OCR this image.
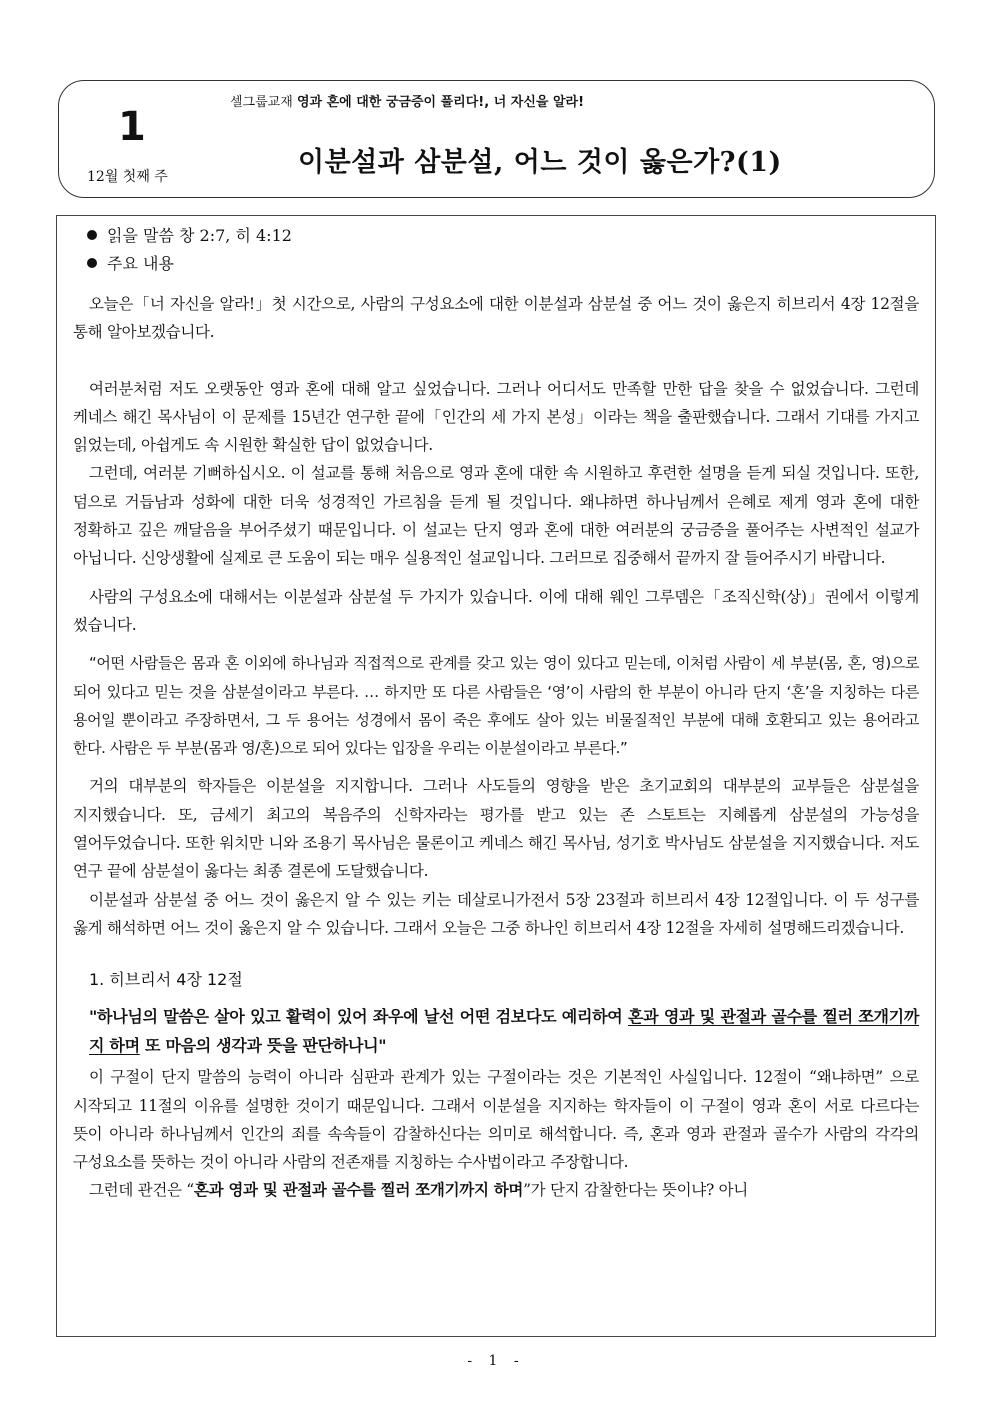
1
12월 첫째 주
셀그룹교재 영과 혼에 대한 궁금증이 풀리다!, 너 자신을 알라!
이분설과 삼분설, 어느 것이 옳은가?(1)
읽을 말씀 창 2:7, 히 4:12
주요 내용

오늘은「너 자신을 알라!」첫 시간으로, 사람의 구성요소에 대한 이분설과 삼분설 중 어느 것이 옳은지 히브리서 4장 12절을 통해 알아보겠습니다.

여러분처럼 저도 오랫동안 영과 혼에 대해 알고 싶었습니다. 그러나 어디서도 만족할 만한 답을 찾을 수 없었습니다. 그런데 케네스 해긴 목사님이 이 문제를 15년간 연구한 끝에「인간의 세 가지 본성」이라는 책을 출판했습니다. 그래서 기대를 가지고 읽었는데, 아쉽게도 속 시원한 확실한 답이 없었습니다.

그런데, 여러분 기뻐하십시오. 이 설교를 통해 처음으로 영과 혼에 대한 속 시원하고 후련한 설명을 듣게 되실 것입니다. 또한, 덤으로 거듭남과 성화에 대한 더욱 성경적인 가르침을 듣게 될 것입니다. 왜냐하면 하나님께서 은혜로 제게 영과 혼에 대한 정확하고 깊은 깨달음을 부어주셨기 때문입니다. 이 설교는 단지 영과 혼에 대한 여러분의 궁금증을 풀어주는 사변적인 설교가 아닙니다. 신앙생활에 실제로 큰 도움이 되는 매우 실용적인 설교입니다. 그러므로 집중해서 끝까지 잘 들어주시기 바랍니다.

사람의 구성요소에 대해서는 이분설과 삼분설 두 가지가 있습니다. 이에 대해 웨인 그루뎀은「조직신학(상)」권에서 이렇게 썼습니다.

“어떤 사람들은 몸과 혼 이외에 하나님과 직접적으로 관계를 갖고 있는 영이 있다고 믿는데, 이처럼 사람이 세 부분(몸, 혼, 영)으로 되어 있다고 믿는 것을 삼분설이라고 부른다. … 하지만 또 다른 사람들은 ‘영’이 사람의 한 부분이 아니라 단지 ‘혼’을 지칭하는 다른 용어일 뿐이라고 주장하면서, 그 두 용어는 성경에서 몸이 죽은 후에도 살아 있는 비물질적인 부분에 대해 호환되고 있는 용어라고 한다. 사람은 두 부분(몸과 영/혼)으로 되어 있다는 입장을 우리는 이분설이라고 부른다.”

거의 대부분의 학자들은 이분설을 지지합니다. 그러나 사도들의 영향을 받은 초기교회의 대부분의 교부들은 삼분설을 지지했습니다. 또, 금세기 최고의 복음주의 신학자라는 평가를 받고 있는 존 스토트는 지혜롭게 삼분설의 가능성을 열어두었습니다. 또한 워치만 니와 조용기 목사님은 물론이고 케네스 해긴 목사님, 성기호 박사님도 삼분설을 지지했습니다. 저도 연구 끝에 삼분설이 옳다는 최종 결론에 도달했습니다.

이분설과 삼분설 중 어느 것이 옳은지 알 수 있는 키는 데살로니가전서 5장 23절과 히브리서 4장 12절입니다. 이 두 성구를 옳게 해석하면 어느 것이 옳은지 알 수 있습니다. 그래서 오늘은 그중 하나인 히브리서 4장 12절을 자세히 설명해드리겠습니다.

1. 히브리서 4장 12절
"하나님의 말씀은 살아 있고 활력이 있어 좌우에 날선 어떤 검보다도 예리하여 혼과 영과 및 관절과 골수를 찔러 쪼개기까지 하며 또 마음의 생각과 뜻을 판단하나니"

이 구절이 단지 말씀의 능력이 아니라 심판과 관계가 있는 구절이라는 것은 기본적인 사실입니다. 12절이 “왜냐하면” 으로 시작되고 11절의 이유를 설명한 것이기 때문입니다. 그래서 이분설을 지지하는 학자들이 이 구절이 영과 혼이 서로 다르다는 뜻이 아니라 하나님께서 인간의 죄를 속속들이 감찰하신다는 의미로 해석합니다. 즉, 혼과 영과 관절과 골수가 사람의 각각의 구성요소를 뜻하는 것이 아니라 사람의 전존재를 지칭하는 수사법이라고 주장합니다.

그런데 관건은 “혼과 영과 및 관절과 골수를 찔러 쪼개기까지 하며”가 단지 감찰한다는 뜻이냐? 아니

- 1 -
